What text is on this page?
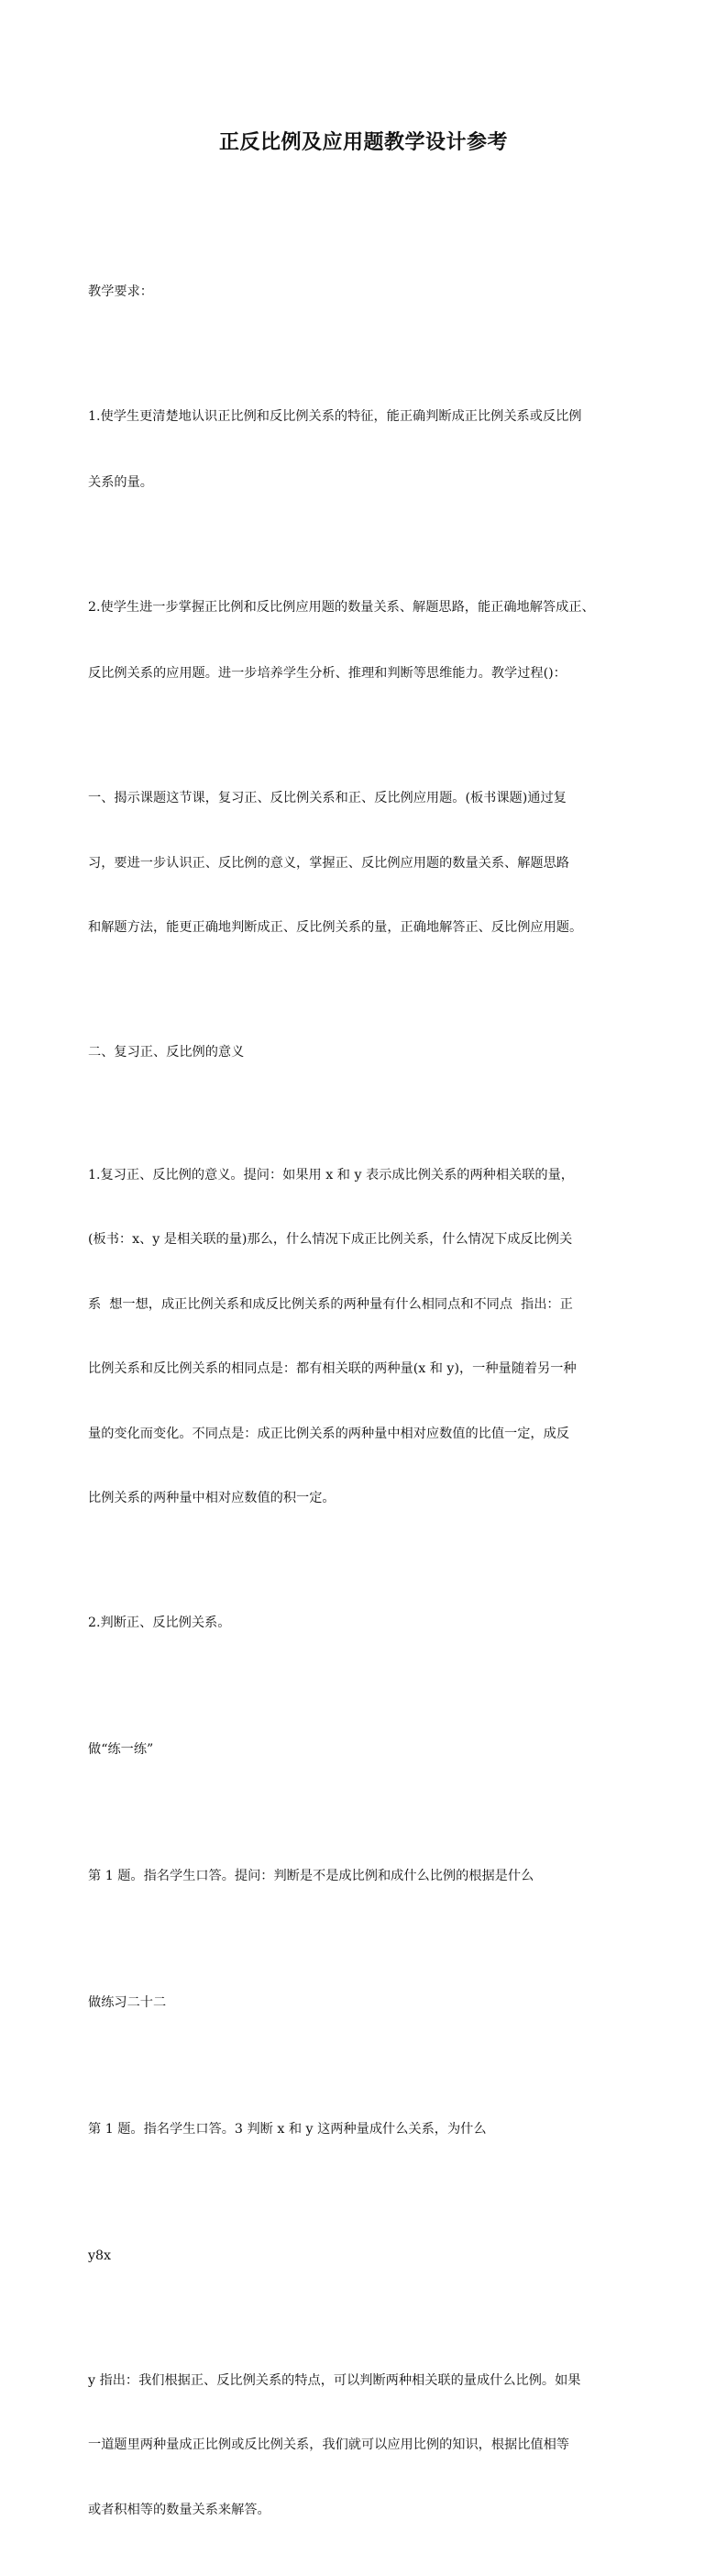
正反比例及应用题教学设计参考

教学要求：

1.使学生更清楚地认识正比例和反比例关系的特征，能正确判断成正比例关系或反比例

关系的量。

2.使学生进一步掌握正比例和反比例应用题的数量关系、解题思路，能正确地解答成正、

反比例关系的应用题。进一步培养学生分析、推理和判断等思维能力。教学过程()：

一、揭示课题这节课，复习正、反比例关系和正、反比例应用题。(板书课题)通过复

习，要进一步认识正、反比例的意义，掌握正、反比例应用题的数量关系、解题思路

和解题方法，能更正确地判断成正、反比例关系的量，正确地解答正、反比例应用题。

二、复习正、反比例的意义

1.复习正、反比例的意义。提问：如果用 x 和 y 表示成比例关系的两种相关联的量，

(板书：x、y 是相关联的量)那么，什么情况下成正比例关系，什么情况下成反比例关

系  想一想，成正比例关系和成反比例关系的两种量有什么相同点和不同点  指出：正

比例关系和反比例关系的相同点是：都有相关联的两种量(x 和 y)，一种量随着另一种

量的变化而变化。不同点是：成正比例关系的两种量中相对应数值的比值一定，成反

比例关系的两种量中相对应数值的积一定。

2.判断正、反比例关系。

做“练一练”

第 1 题。指名学生口答。提问：判断是不是成比例和成什么比例的根据是什么

做练习二十二

第 1 题。指名学生口答。3 判断 x 和 y 这两种量成什么关系，为什么

y8x

y 指出：我们根据正、反比例关系的特点，可以判断两种相关联的量成什么比例。如果

一道题里两种量成正比例或反比例关系，我们就可以应用比例的知识，根据比值相等

或者积相等的数量关系来解答。
